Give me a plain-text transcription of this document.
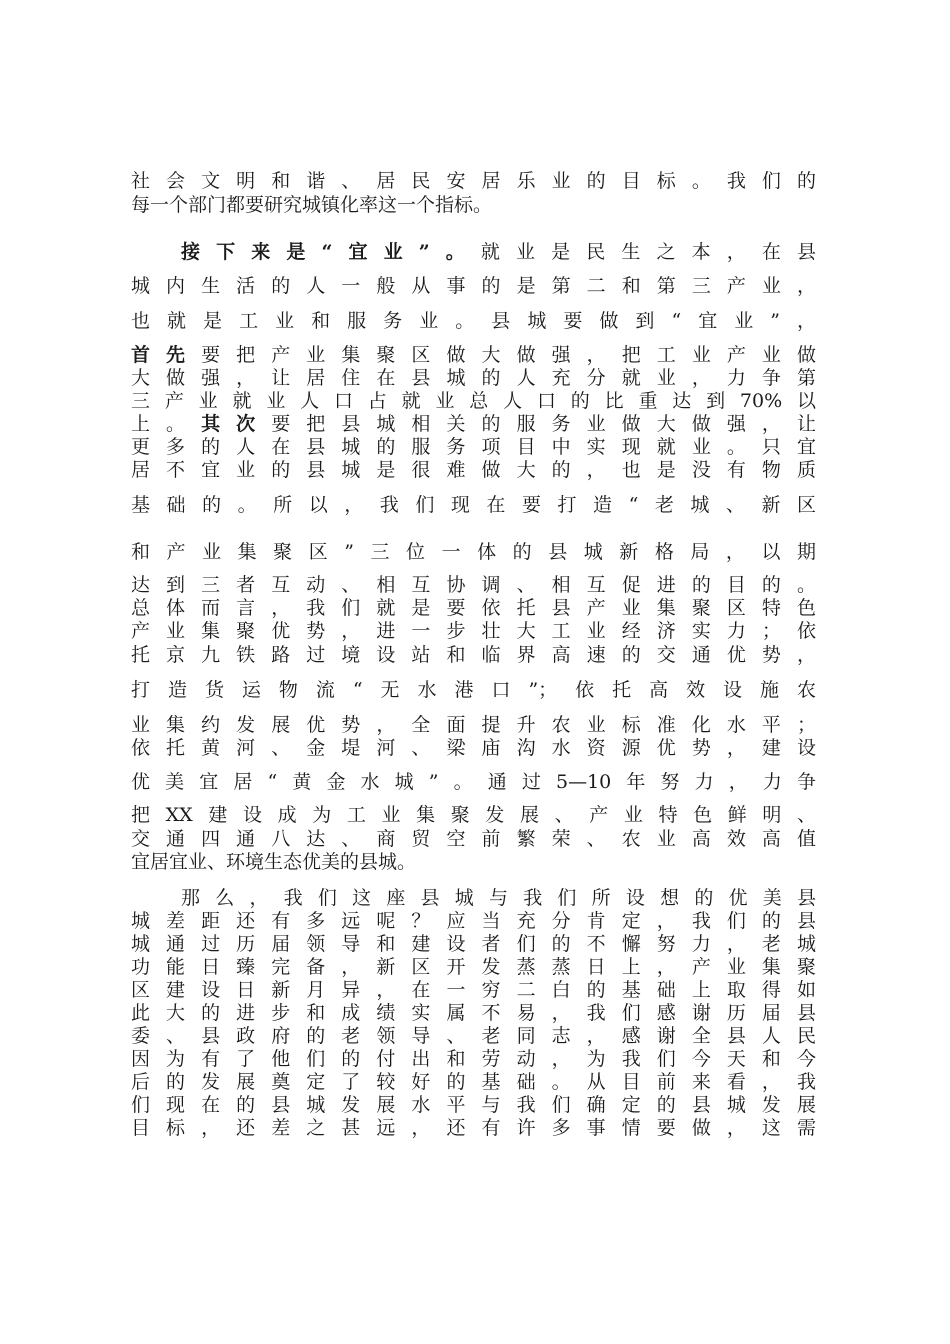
社会文明和谐、居民安居乐业的目标。我们的
每一个部门都要研究城镇化率这一个指标。
接下来是“宜业”。就业是民生之本，在县
城内生活的人一般从事的是第二和第三产业，
也就是工业和服务业。县城要做到“宜业”，
首先要把产业集聚区做大做强，把工业产业做
大做强，让居住在县城的人充分就业，力争第
三产业就业人口占就业总人口的比重达到70%以
上。其次要把县城相关的服务业做大做强，让
更多的人在县城的服务项目中实现就业。只宜
居不宜业的县城是很难做大的，也是没有物质
基础的。所以，我们现在要打造“老城、新区
和产业集聚区”三位一体的县城新格局，以期
达到三者互动、相互协调、相互促进的目的。
总体而言，我们就是要依托县产业集聚区特色
产业集聚优势，进一步壮大工业经济实力；依
托京九铁路过境设站和临界高速的交通优势，
打造货运物流“无水港口”；依托高效设施农
业集约发展优势，全面提升农业标准化水平；
依托黄河、金堤河、梁庙沟水资源优势，建设
优美宜居“黄金水城”。通过5—10年努力，力争
把XX建设成为工业集聚发展、产业特色鲜明、
交通四通八达、商贸空前繁荣、农业高效高值
宜居宜业、环境生态优美的县城。
那么，我们这座县城与我们所设想的优美县
城差距还有多远呢？应当充分肯定，我们的县
城通过历届领导和建设者们的不懈努力，老城
功能日臻完备，新区开发蒸蒸日上，产业集聚
区建设日新月异，在一穷二白的基础上取得如
此大的进步和成绩实属不易，我们感谢历届县
委、县政府的老领导、老同志，感谢全县人民
因为有了他们的付出和劳动，为我们今天和今
后的发展奠定了较好的基础。从目前来看，我
们现在的县城发展水平与我们确定的县城发展
目标，还差之甚远，还有许多事情要做，这需
